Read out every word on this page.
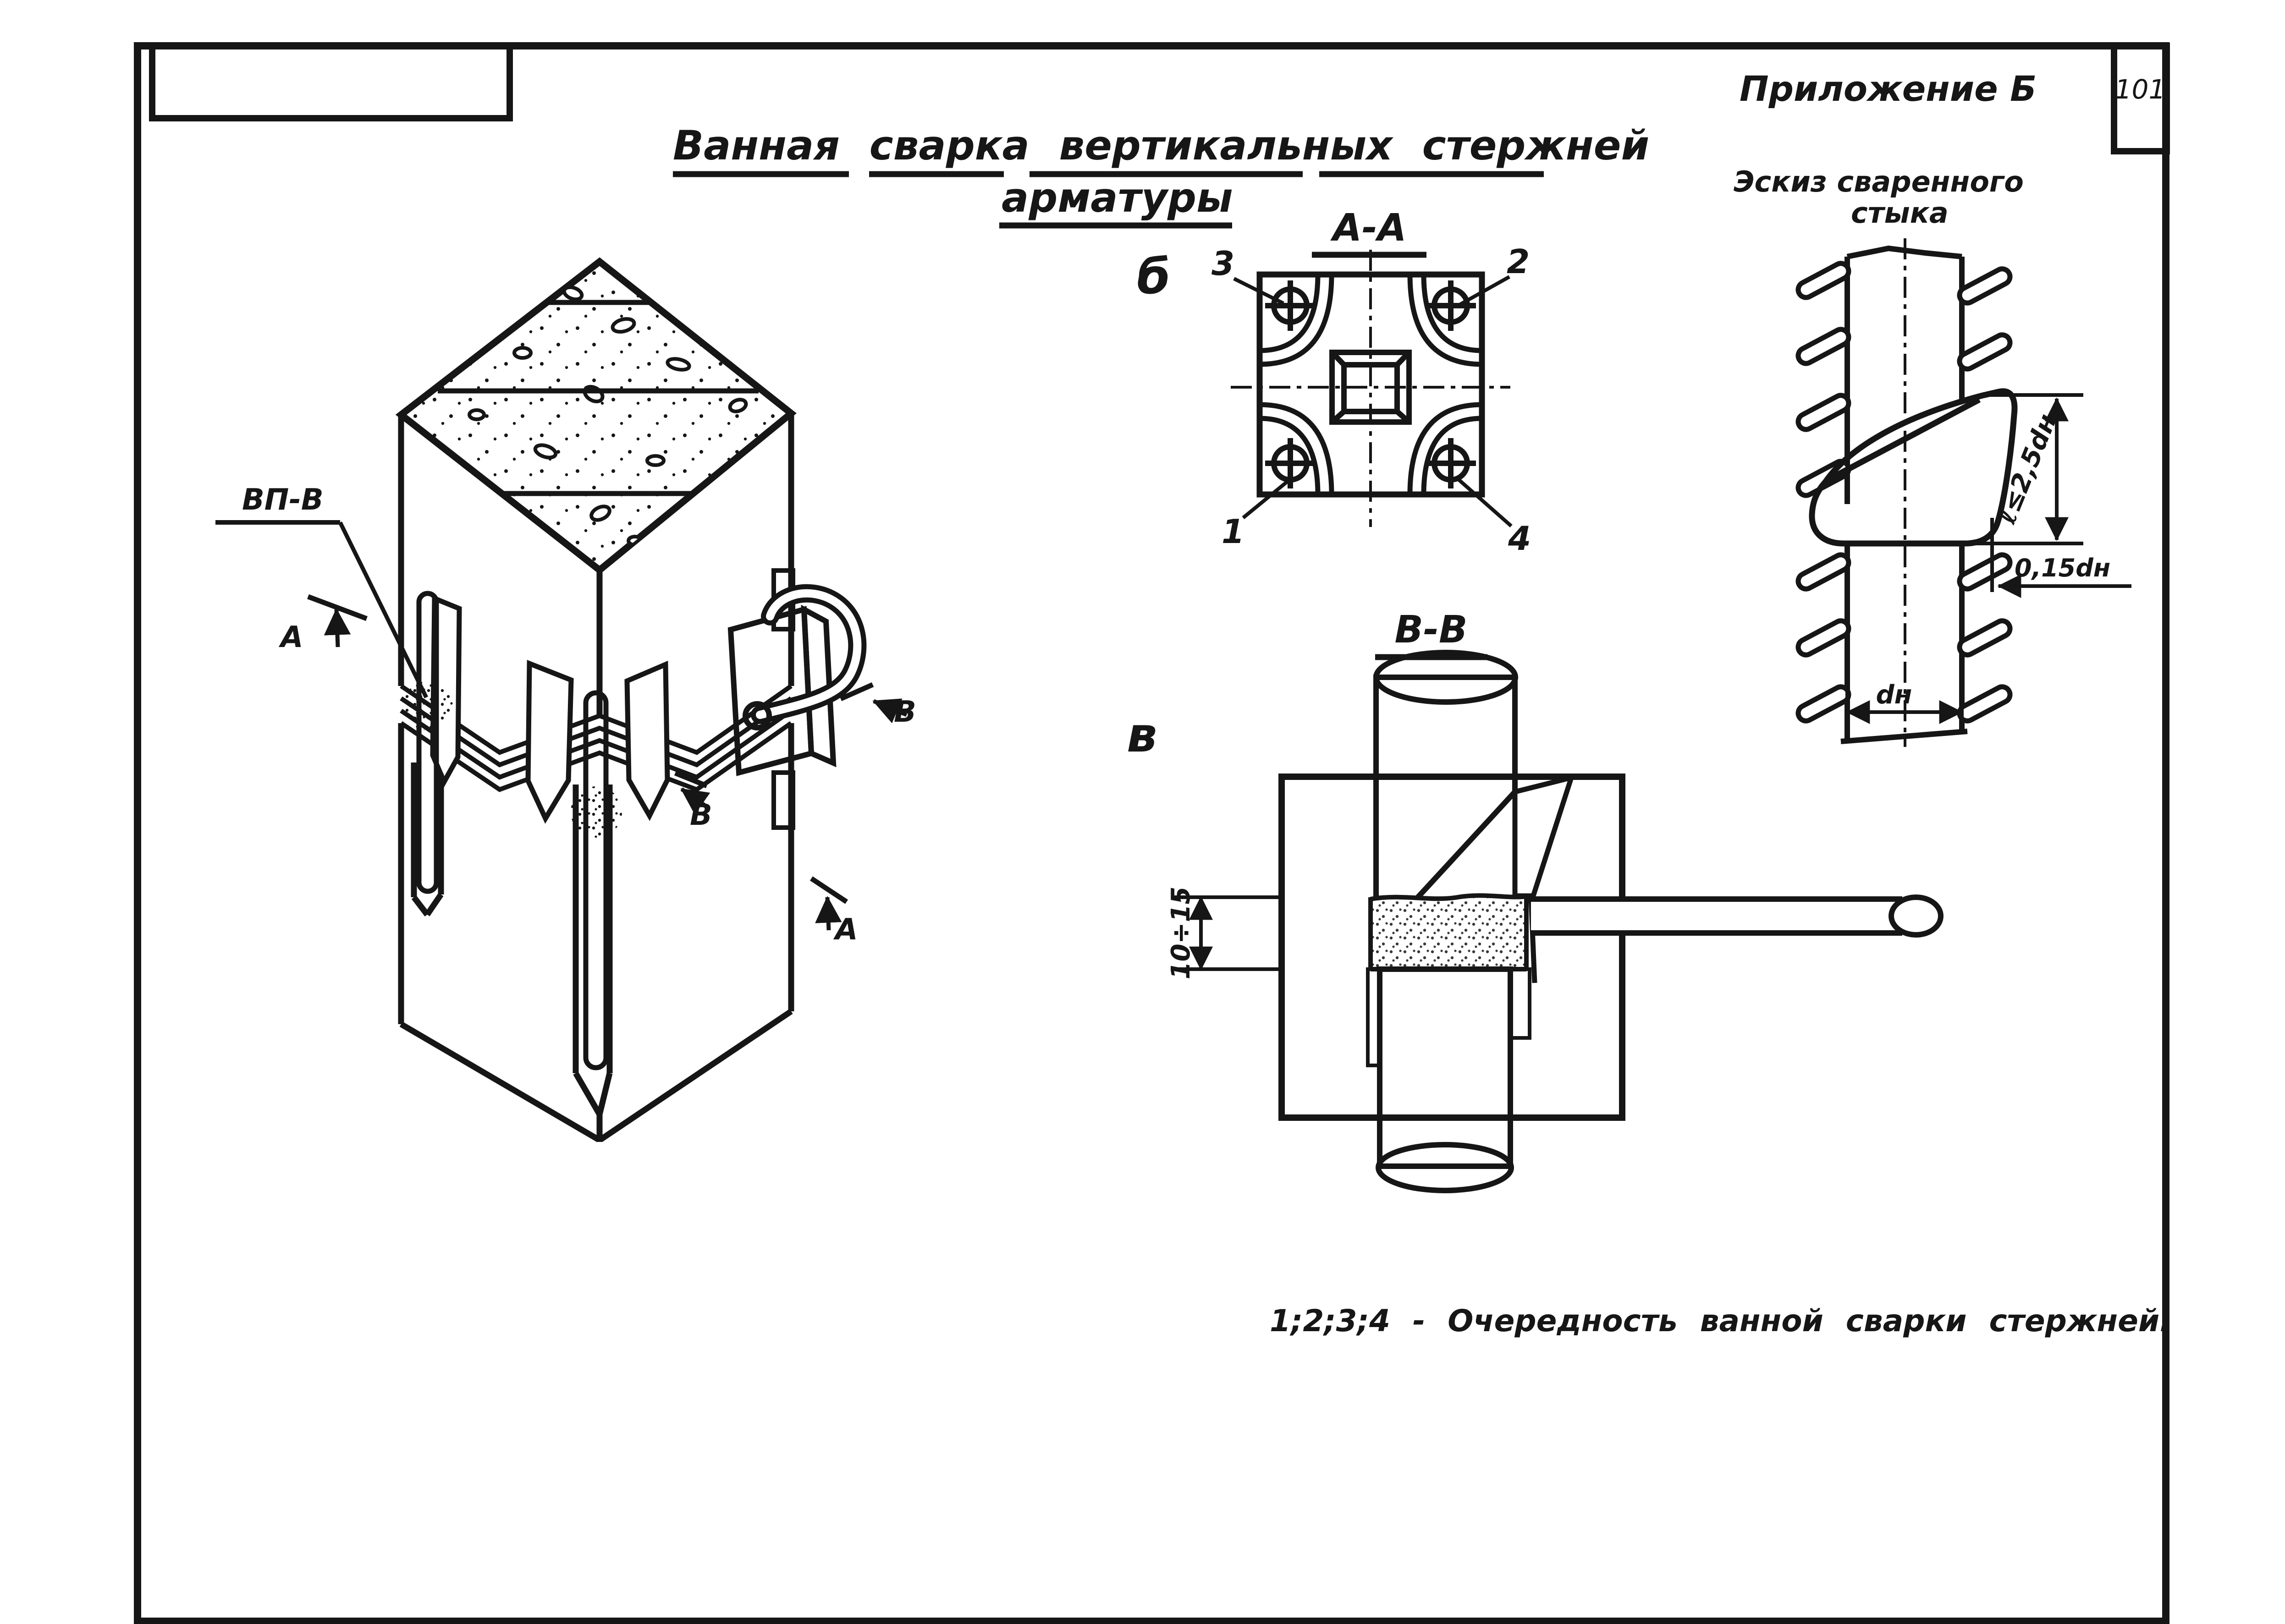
101
Приложение Б
Ванная сварка вертикальных стержней
арматуры
ВП-В
А
А
В
В
б
А-А
3	2
1	4
в
В-В
10÷15
Эскиз сваренного
стыка
ℓ≤2,5dн
0,15dн
dн
1;2;3;4 - Очередность ванной сварки стержней.
